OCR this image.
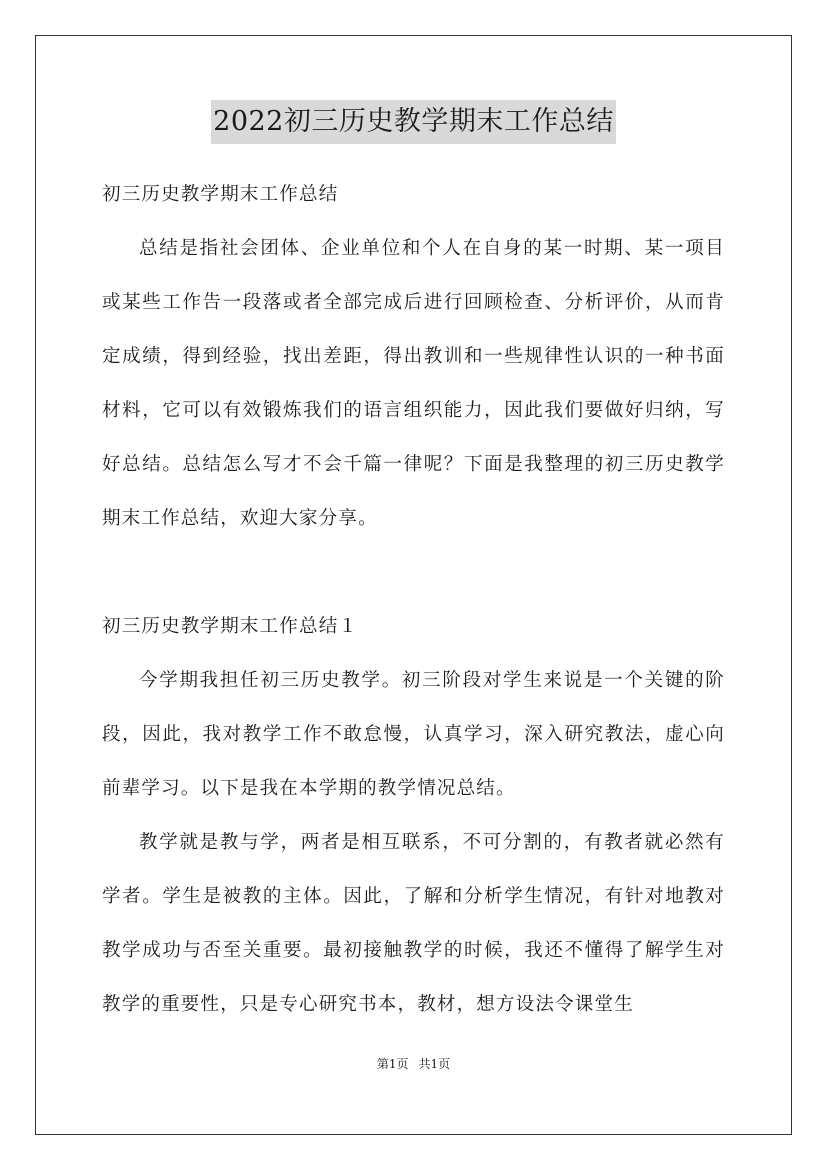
2022初三历史教学期末工作总结
初三历史教学期末工作总结

总结是指社会团体、企业单位和个人在自身的某一时期、某一项目或某些工作告一段落或者全部完成后进行回顾检查、分析评价，从而肯定成绩，得到经验，找出差距，得出教训和一些规律性认识的一种书面材料，它可以有效锻炼我们的语言组织能力，因此我们要做好归纳，写好总结。总结怎么写才不会千篇一律呢？下面是我整理的初三历史教学期末工作总结，欢迎大家分享。

初三历史教学期末工作总结１

今学期我担任初三历史教学。初三阶段对学生来说是一个关键的阶段，因此，我对教学工作不敢怠慢，认真学习，深入研究教法，虚心向前辈学习。以下是我在本学期的教学情况总结。

教学就是教与学，两者是相互联系，不可分割的，有教者就必然有学者。学生是被教的主体。因此，了解和分析学生情况，有针对地教对教学成功与否至关重要。最初接触教学的时候，我还不懂得了解学生对教学的重要性，只是专心研究书本，教材，想方设法令课堂生

第1页 共1页
